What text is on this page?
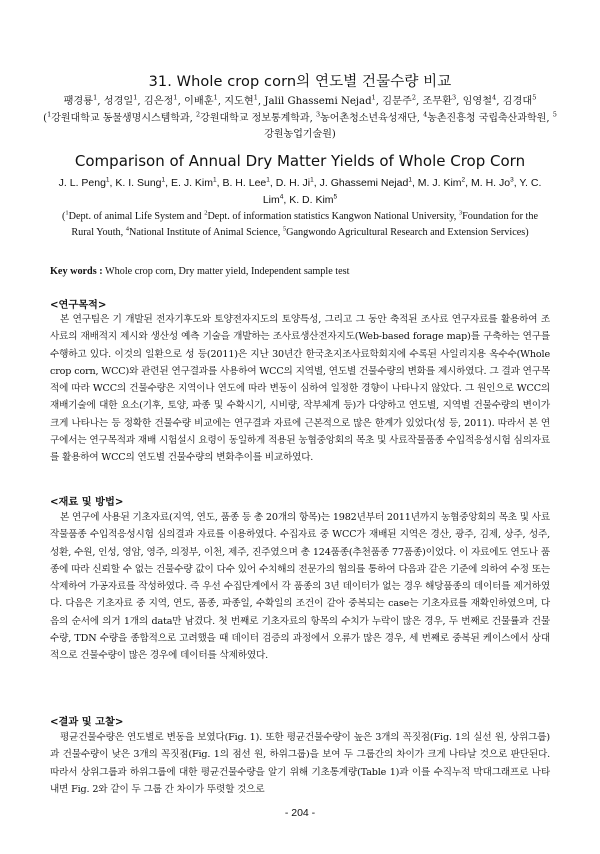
31. Whole crop corn의 연도별 건물수량 비교
팽경룡$^1$, 성경일$^1$, 김은정$^1$, 이배훈$^1$, 지도현$^1$, Jalil Ghassemi Nejad$^1$, 김문주$^2$, 조무환$^3$, 임영철$^4$, 김경대$^5$
($^1$강원대학교 동물생명시스템학과, $^2$강원대학교 정보통계학과, $^3$농어촌청소년육성재단, $^4$농촌진흥청 국립축산과학원, $^5$강원농업기술원)
Comparison of Annual Dry Matter Yields of Whole Crop Corn
J. L. Peng$^1$, K. I. Sung$^1$, E. J. Kim$^1$, B. H. Lee$^1$, D. H. Ji$^1$, J. Ghassemi Nejad$^1$, M. J. Kim$^2$, M. H. Jo$^3$, Y. C. Lim$^4$, K. D. Kim$^5$
($^1$Dept. of animal Life System and $^2$Dept. of information statistics Kangwon National University, $^3$Foundation for the Rural Youth, $^4$National Institute of Animal Science, $^5$Gangwondo Agricultural Research and Extension Services)
Key words : Whole crop corn, Dry matter yield, Independent sample test
<연구목적>
본 연구팀은 기 개발된 전자기후도와 토양전자지도의 토양특성, 그리고 그 동안 축적된 조사료 연구자료를 활용하여 조사료의 재배적지 제시와 생산성 예측 기술을 개발하는 조사료생산전자지도(Web-based forage map)를 구축하는 연구를 수행하고 있다. 이것의 일환으로 성 등(2011)은 지난 30년간 한국초지조사료학회지에 수록된 사일리지용 옥수수(Whole crop corn, WCC)와 관련된 연구결과를 사용하여 WCC의 지역별, 연도별 건물수량의 변화를 제시하였다. 그 결과 연구목적에 따라 WCC의 건물수량은 지역이나 연도에 따라 변동이 심하여 일정한 경향이 나타나지 않았다. 그 원인으로 WCC의 재배기술에 대한 요소(기후, 토양, 파종 및 수확시기, 시비량, 작부체계 등)가 다양하고 연도별, 지역별 건물수량의 변이가 크게 나타나는 등 정확한 건물수량 비교에는 연구결과 자료에 근본적으로 많은 한계가 있었다(성 등, 2011). 따라서 본 연구에서는 연구목적과 재배 시험설시 요령이 동일하게 적용된 농협중앙회의 목초 및 사료작물품종 수입적응성시험 심의자료를 활용하여 WCC의 연도별 건물수량의 변화추이를 비교하였다.
<재료 및 방법>
본 연구에 사용된 기초자료(지역, 연도, 품종 등 총 20개의 항목)는 1982년부터 2011년까지 농협중앙회의 목초 및 사료작물품종 수입적응성시험 심의결과 자료를 이용하였다. 수집자료 중 WCC가 재배된 지역은 경산, 광주, 김제, 상주, 성주, 성환, 수원, 인성, 영암, 영주, 의정부, 이천, 제주, 진주였으며 총 124품종(추천품종 77품종)이었다. 이 자료에도 연도나 품종에 따라 신뢰할 수 없는 건물수량 값이 다수 있어 수치해의 전문가의 협의를 통하여 다음과 같은 기준에 의하여 수정 또는 삭제하여 가공자료를 작성하였다. 즉 우선 수집단계에서 각 품종의 3년 데이터가 없는 경우 해당품종의 데이터를 제거하였다. 다음은 기초자료 중 지역, 연도, 품종, 파종일, 수확일의 조건이 같아 중복되는 case는 기초자료를 재확인하였으며, 다음의 순서에 의거 1개의 data만 남겼다. 첫 번째로 기초자료의 항목의 수치가 누락이 많은 경우, 두 번째로 건물률과 건물수량, TDN 수량을 종합적으로 고려했을 때 데이터 검증의 과정에서 오류가 많은 경우, 세 번째로 중복된 케이스에서 상대적으로 건물수량이 많은 경우에 데이터를 삭제하였다.
<결과 및 고찰>
평균건물수량은 연도별로 변동을 보였다(Fig. 1). 또한 평균건물수량이 높은 3개의 꼭짓점(Fig. 1의 실선 원, 상위그룹)과 건물수량이 낮은 3개의 꼭짓점(Fig. 1의 점선 원, 하위그룹)을 보여 두 그룹간의 차이가 크게 나타날 것으로 판단된다. 따라서 상위그룹과 하위그룹에 대한 평균건물수량을 알기 위해 기초통계량(Table 1)과 이를 수직누적 막대그래프로 나타내면 Fig. 2와 같이 두 그룹 간 차이가 뚜렷할 것으로
- 204 -
